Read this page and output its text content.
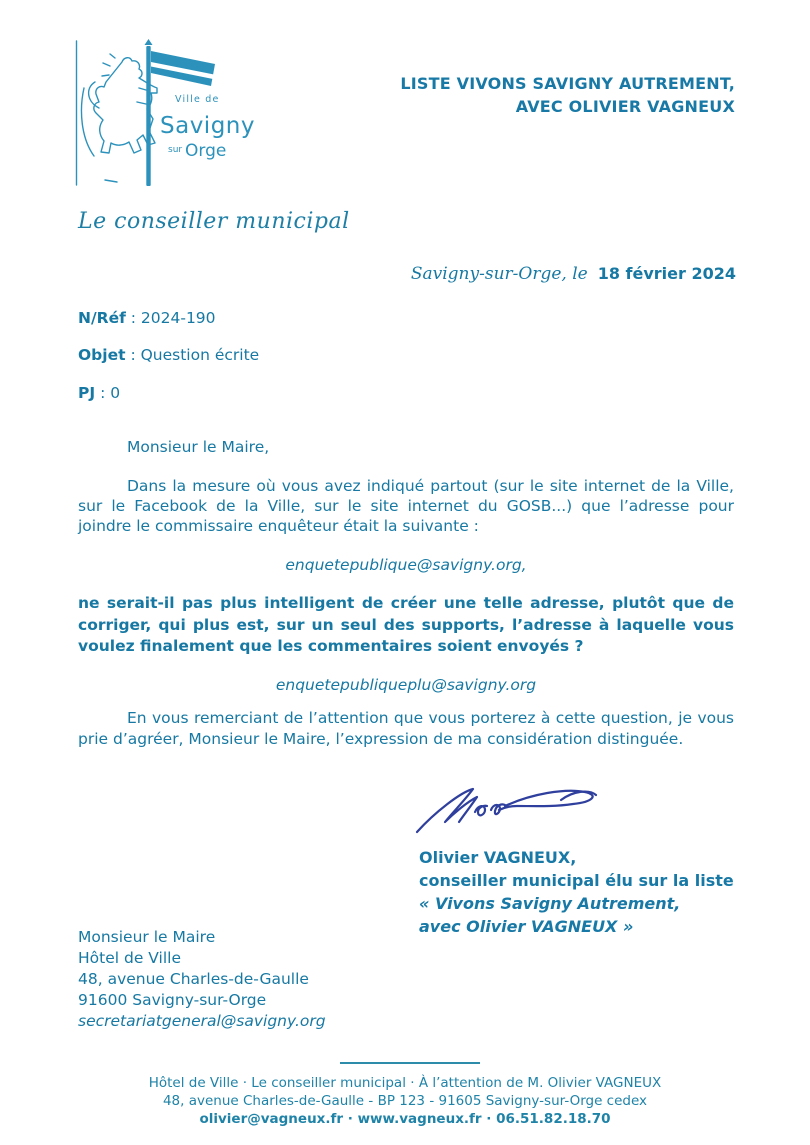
Ville de
Savigny
sur Orge
LISTE VIVONS SAVIGNY AUTREMENT,
AVEC OLIVIER VAGNEUX
Le conseiller municipal
Savigny-sur-Orge, le 18 février 2024
N/Réf : 2024-190
Objet : Question écrite
PJ : 0
Monsieur le Maire,
Dans la mesure où vous avez indiqué partout (sur le site internet de la Ville, sur le Facebook de la Ville, sur le site internet du GOSB...) que l’adresse pour joindre le commissaire enquêteur était la suivante :
enquetepublique@savigny.org,
ne serait-il pas plus intelligent de créer une telle adresse, plutôt que de corriger, qui plus est, sur un seul des supports, l’adresse à laquelle vous voulez finalement que les commentaires soient envoyés ?
enquetepubliqueplu@savigny.org
En vous remerciant de l’attention que vous porterez à cette question, je vous prie d’agréer, Monsieur le Maire, l’expression de ma considération distinguée.
Olivier VAGNEUX,
conseiller municipal élu sur la liste
« Vivons Savigny Autrement,
avec Olivier VAGNEUX »
Monsieur le Maire
Hôtel de Ville
48, avenue Charles-de-Gaulle
91600 Savigny-sur-Orge
secretariatgeneral@savigny.org
Hôtel de Ville · Le conseiller municipal · À l’attention de M. Olivier VAGNEUX
48, avenue Charles-de-Gaulle - BP 123 - 91605 Savigny-sur-Orge cedex
olivier@vagneux.fr · www.vagneux.fr · 06.51.82.18.70
